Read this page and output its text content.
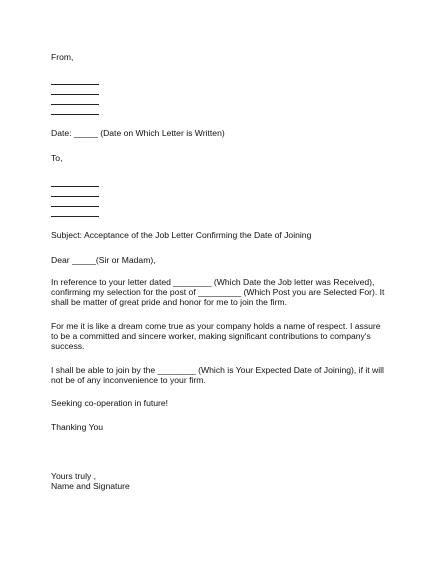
From,
Date: _____ (Date on Which Letter is Written)
To,
Subject: Acceptance of the Job Letter Confirming the Date of Joining
Dear _____(Sir or Madam),
In reference to your letter dated ________ (Which Date the Job letter was Received),
confirming my selection for the post of _________ (Which Post you are Selected For). It
shall be matter of great pride and honor for me to join the firm.
For me it is like a dream come true as your company holds a name of respect. I assure
to be a committed and sincere worker, making significant contributions to company's
success.
I shall be able to join by the ________ (Which is Your Expected Date of Joining), if it will
not be of any inconvenience to your firm.
Seeking co-operation in future!
Thanking You
Yours truly ,
Name and Signature
